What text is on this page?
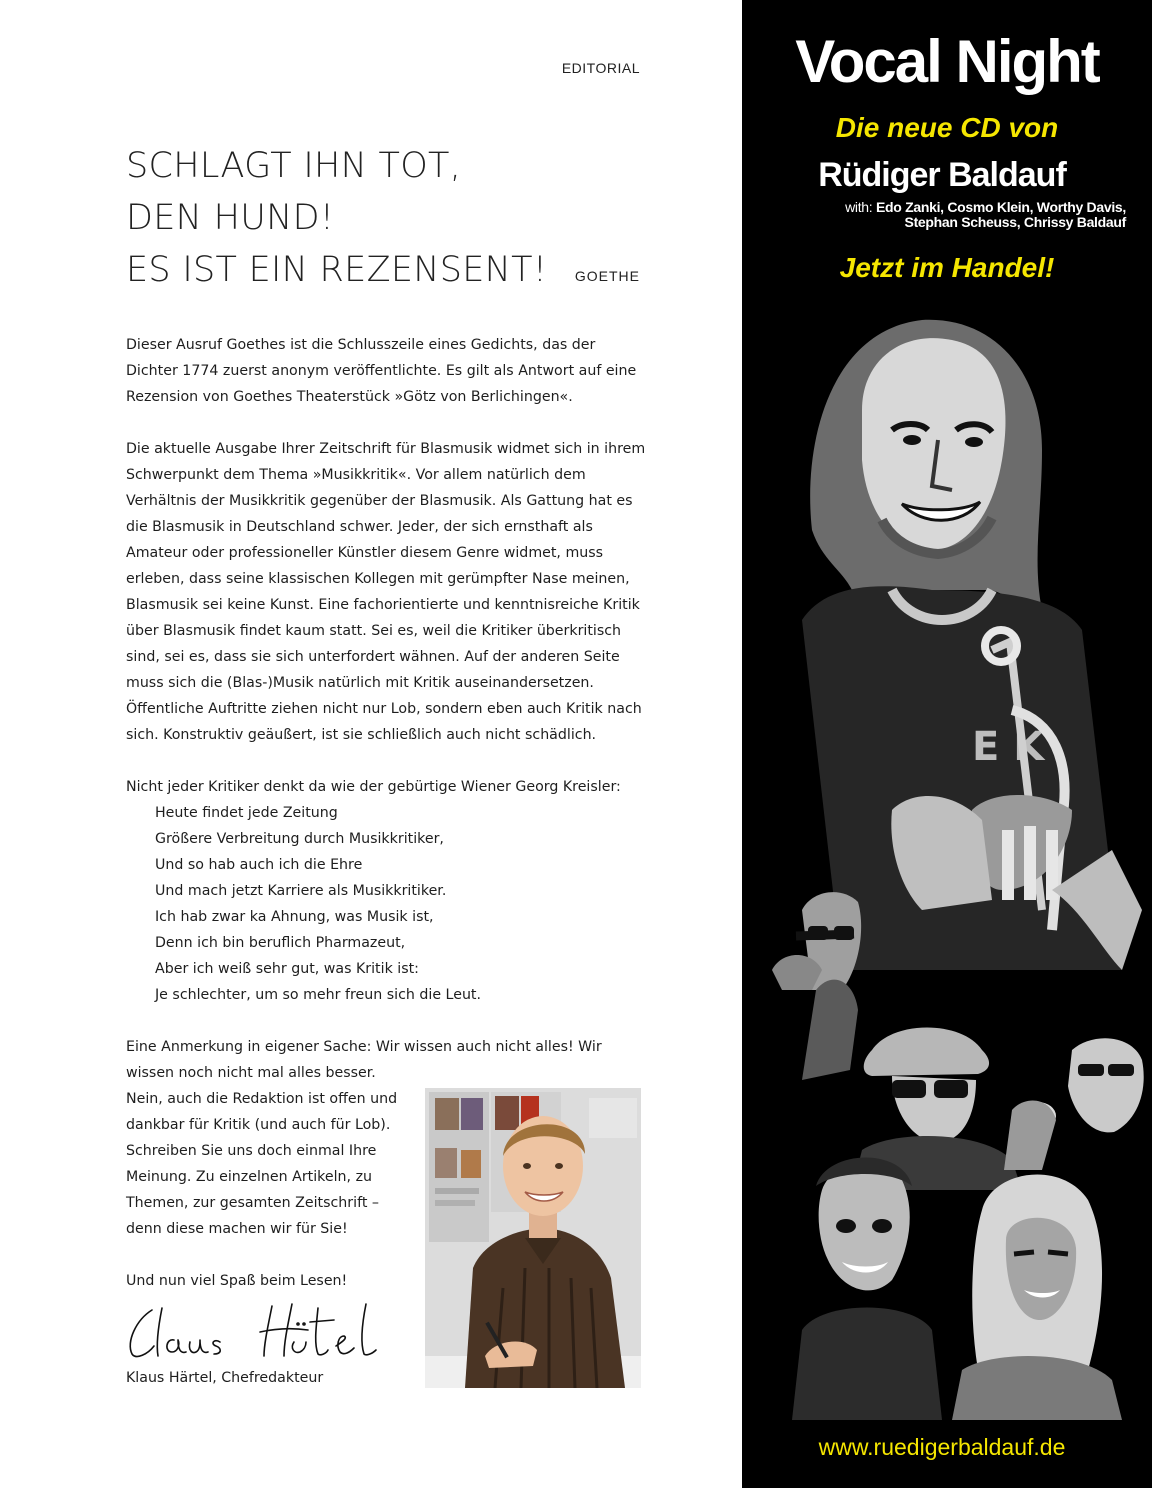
EDITORIAL
SCHLAGT IHN TOT,
DEN HUND!
ES IST EIN REZENSENT!	GOETHE

Dieser Ausruf Goethes ist die Schlusszeile eines Gedichts, das der Dichter 1774 zuerst anonym veröffentlichte. Es gilt als Antwort auf eine Rezension von Goethes Theaterstück »Götz von Berlichingen«.

Die aktuelle Ausgabe Ihrer Zeitschrift für Blasmusik widmet sich in ihrem Schwerpunkt dem Thema »Musikkritik«. Vor allem natürlich dem Verhältnis der Musikkritik gegenüber der Blasmusik. Als Gattung hat es die Blasmusik in Deutschland schwer. Jeder, der sich ernsthaft als Amateur oder professioneller Künstler diesem Genre widmet, muss erleben, dass seine klassischen Kollegen mit gerümpfter Nase meinen, Blasmusik sei keine Kunst. Eine fachorientierte und kenntnisreiche Kritik über Blasmusik findet kaum statt. Sei es, weil die Kritiker überkritisch sind, sei es, dass sie sich unterfordert wähnen. Auf der anderen Seite muss sich die (Blas-)Musik natürlich mit Kritik auseinandersetzen. Öffentliche Auftritte ziehen nicht nur Lob, sondern eben auch Kritik nach sich. Konstruktiv geäußert, ist sie schließlich auch nicht schädlich.

Nicht jeder Kritiker denkt da wie der gebürtige Wiener Georg Kreisler:
Heute findet jede Zeitung
Größere Verbreitung durch Musikkritiker,
Und so hab auch ich die Ehre
Und mach jetzt Karriere als Musikkritiker.
Ich hab zwar ka Ahnung, was Musik ist,
Denn ich bin beruflich Pharmazeut,
Aber ich weiß sehr gut, was Kritik ist:
Je schlechter, um so mehr freun sich die Leut.
Eine Anmerkung in eigener Sache: Wir wissen auch nicht alles! Wir wissen noch nicht mal alles besser.

Nein, auch die Redaktion ist offen und dankbar für Kritik (und auch für Lob). Schreiben Sie uns doch einmal Ihre Meinung. Zu einzelnen Artikeln, zu Themen, zur gesamten Zeitschrift – denn diese machen wir für Sie!

Und nun viel Spaß beim Lesen!

Klaus Härtel, Chefredakteur
Vocal Night
Die neue CD von
Rüdiger Baldauf
with: Edo Zanki, Cosmo Klein, Worthy Davis,
Stephan Scheuss, Chrissy Baldauf
Jetzt im Handel!
E K
www.ruedigerbaldauf.de
